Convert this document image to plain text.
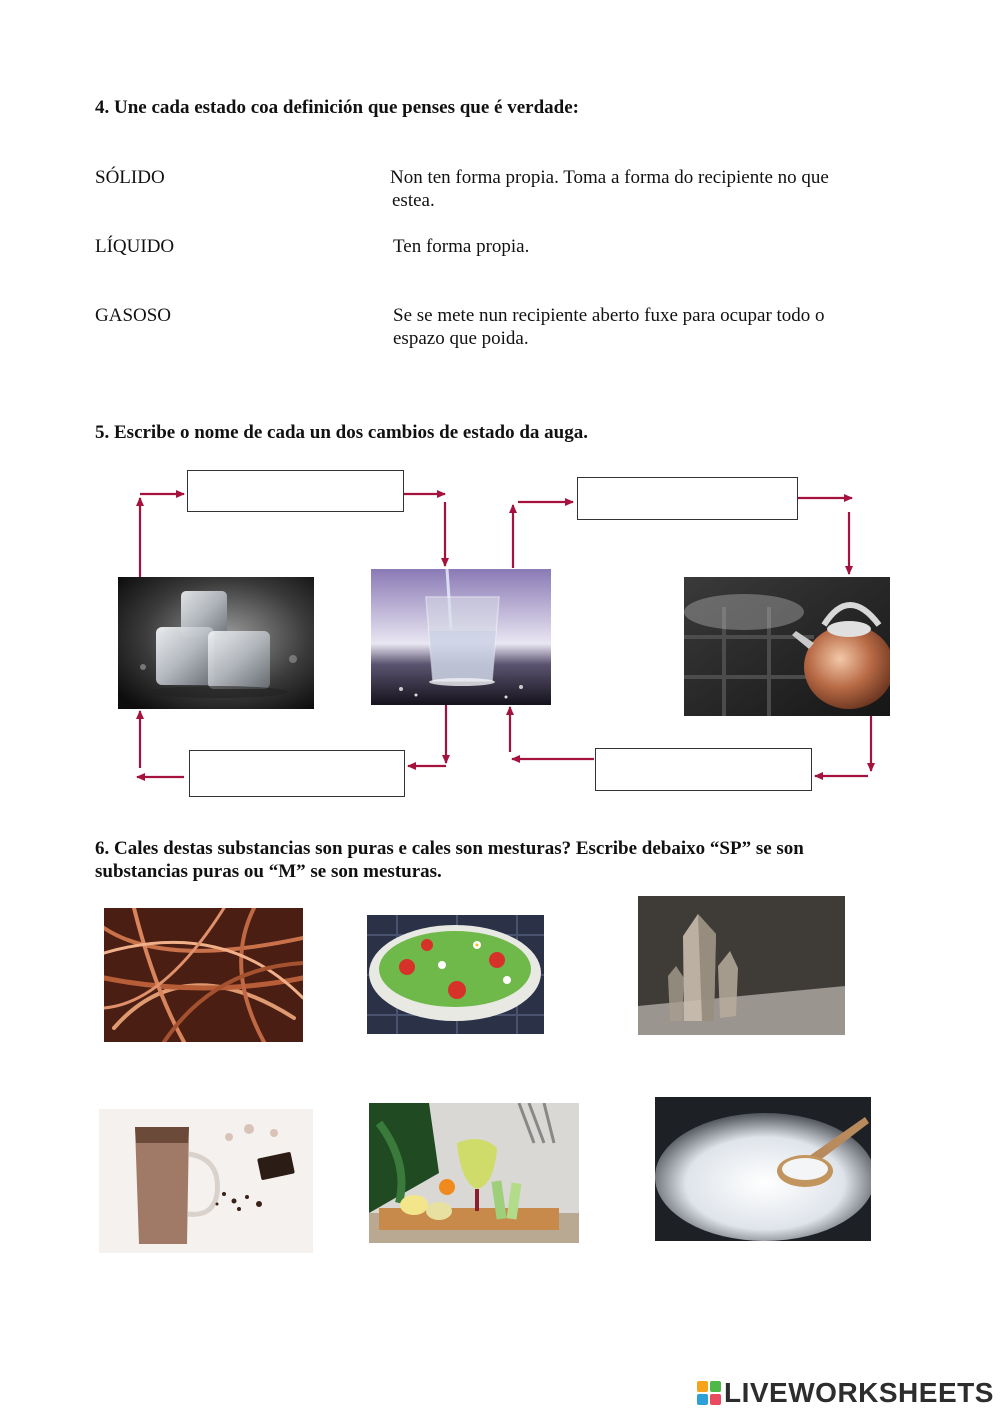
4. Une cada estado coa definición que penses que é verdade:
SÓLIDO
LÍQUIDO
GASOSO
Non ten forma propia. Toma a forma do recipiente no que estea.
Ten forma propia.
Se se mete nun recipiente aberto fuxe para ocupar todo o espazo que poida.
5. Escribe o nome de cada un dos cambios de estado da auga.
6. Cales destas substancias son puras e cales son mesturas? Escribe debaixo “SP” se son substancias puras ou “M” se son mesturas.
LIVEWORKSHEETS
